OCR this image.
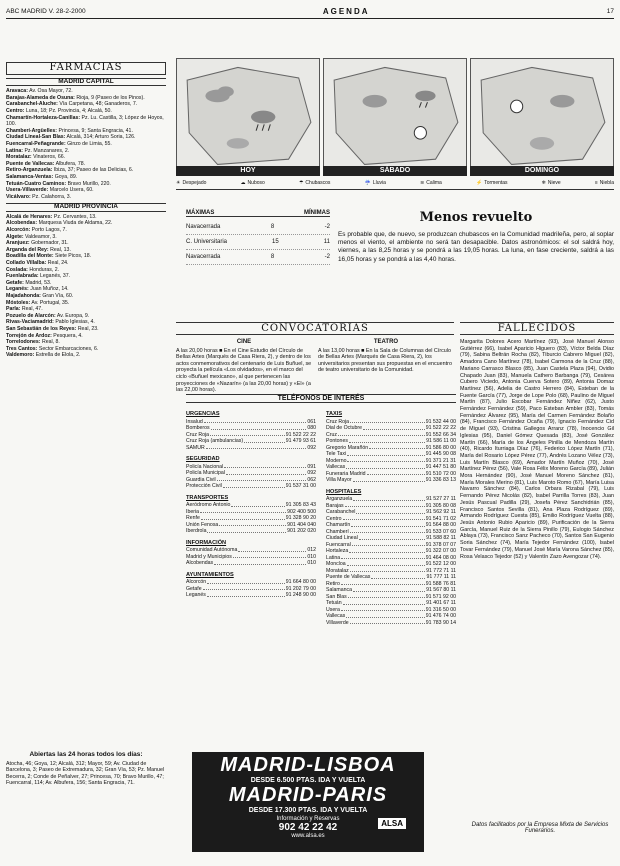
ABC MADRID V. 28-2-2000	AGENDA	17
FARMACIAS
MADRID CAPITAL
Aravaca: Av. Osa Mayor, 72.
Barajas-Alameda de Osuna: Rioja, 9 (Paseo de los Pinos).
Carabanchel-Aluche: Vía Carpetana, 48; Ganaderos, 7.
Centro: Luna, 18; Pz. Provincia, 4; Alcalá, 50.
Chamartín-Hortaleza-Canillas: Pz. Lu. Castilla, 3; López de Hoyos, 100.
Chamberí-Argüelles: Princesa, 9; Santa Engracia, 41.
Ciudad Lineal-San Blas: Alcalá, 314; Arturo Soria, 126.
Fuencarral-Peñagrande: Ginzo de Limia, 55.
Latina: Pz. Manzanares, 2.
Moratalaz: Vinateros, 66.
Puente de Vallecas: Albufera, 78.
Retiro-Arganzuela: Ibiza, 37; Paseo de las Delicias, 6.
Salamanca-Ventas: Goya, 89.
Tetuán-Cuatro Caminos: Bravo Murillo, 220.
Usera-Villaverde: Marcelo Usera, 60.
Vicálvaro: Pz. Calahorra, 3.
MADRID PROVINCIA
Alcalá de Henares: Pz. Cervantes, 13.
Alcobendas: Marquesa Viuda de Aldama, 22.
Alcorcón: Porto Lagos, 7.
Algete: Valdeamor, 3.
Aranjuez: Gobernador, 31.
Arganda del Rey: Real, 13.
Boadilla del Monte: Siete Picos, 18.
Collado Villalba: Real, 24.
Coslada: Honduras, 2.
Fuenlabrada: Leganés, 37.
Getafe: Madrid, 53.
Leganés: Juan Muñoz, 14.
Majadahonda: Gran Vía, 60.
Móstoles: Av. Portugal, 35.
Parla: Real, 47.
Pozuelo de Alarcón: Av. Europa, 9.
Rivas-Vaciamadrid: Pablo Iglesias, 4.
San Sebastián de los Reyes: Real, 23.
Torrejón de Ardoz: Pesquera, 4.
Torrelodones: Real, 8.
Tres Cantos: Sector Embarcaciones, 6.
Valdemoro: Estrella de Elola, 2.
Abiertas las 24 horas todos los días:
Atocha, 46; Goya, 12; Alcalá, 312; Mayor, 59; Av. Ciudad de Barcelona, 3; Paseo de Extremadura, 32; Gran Vía, 53; Pz. Manuel Becerra, 2; Conde de Peñalver, 27; Princesa, 70; Bravo Murillo, 47; Fuencarral, 114; Av. Albufera, 156; Santa Engracia, 71.
HOY	SÁBADO	DOMINGO
☀ Despejado	☁ Nuboso	☂ Chubascos	☔ Lluvia	≋ Calima	⚡ Tormentas	❄ Nieve	≡ Niebla
MÁXIMAS	MÍNIMAS
Navacerrada	8	-2
C. Universitaria	15	11
Navacerrada	8	-2
Menos revuelto

Es probable que, de nuevo, se produzcan chubascos en la Comunidad madrileña, pero, al soplar menos el viento, el ambiente no será tan desapacible. Datos astronómicos: el sol saldrá hoy, viernes, a las 8,25 horas y se pondrá a las 19,05 horas. La luna, en fase creciente, saldrá a las 16,05 horas y se pondrá a las 4,40 horas.

CONVOCATORIAS
CINE
A las 20,00 horas ■ En el Cine Estudio del Círculo de Bellas Artes (Marqués de Casa Riera, 2), y dentro de los actos conmemorativos del centenario de Luis Buñuel, se proyecta la película «Los olvidados», en el marco del ciclo «Buñuel mexicano», al que pertenecen las proyecciones de «Nazarín» (a las 20,00 horas) y «El» (a las 22,00 horas).
TEATRO
A las 13,00 horas ■ En la Sala de Columnas del Círculo de Bellas Artes (Marqués de Casa Riera, 2), los universitarios presentan sus propuestas en el encuentro de teatro universitario de la Comunidad.
TELÉFONOS DE INTERÉS
URGENCIAS
Insalud	061
Bomberos	080
Cruz Roja	91 522 22 22
Cruz Roja (ambulancias)	91 479 93 61
SAMUR	092
SEGURIDAD
Policía Nacional	091
Policía Municipal	092
Guardia Civil	062
Protección Civil	91 537 31 00
TRANSPORTES
Aeródromo Antonio	91 305 83 43
Iberia	902 400 500
Renfe	91 328 90 20
Unión Fenosa	901 404 040
Iberdrola	901 202 020
INFORMACIÓN
Comunidad Autónoma	012
Madrid y Municipios	010
Alcobendas	010
AYUNTAMIENTOS
Alcorcón	91 664 80 00
Getafe	91 202 79 00
Leganés	91 248 90 00
TAXIS
Cruz Roja	91 532 44 00
Dial de Octubre	91 522 22 22
Cruz	91 552 66 34
Pontones	91 586 11 00
Gregorio Marañón	91 586 80 00
Tele Taxi	91 445 90 08
Moderno	91 371 21 31
Vallecas	91 447 51 80
Funeraria Madrid	91 510 72 00
Villa Mayor	91 336 83 13
HOSPITALES
Arganzuela	91 527 27 11
Barajas	91 305 80 08
Carabanchel	91 562 92 11
Centro	91 541 71 02
Chamartín	91 564 88 00
Chamberí	91 533 07 60
Ciudad Lineal	91 588 82 11
Fuencarral	91 378 07 07
Hortaleza	91 322 07 00
Latina	91 464 08 00
Moncloa	91 522 12 00
Moratalaz	91 772 71 11
Puente de Vallecas	91 777 11 11
Retiro	91 588 76 81
Salamanca	91 567 80 11
San Blas	91 571 92 00
Tetuán	91 401 67 11
Usera	91 316 50 00
Vallecas	91 476 74 00
Villaverde	91 783 90 14
FALLECIDOS

Margarita Dolores Acero Martínez (93), José Manuel Alonso Gutiérrez (66), Isabel Aparicio Higuero (83), Víctor Belda Díaz (79), Sabina Beltrán Rocha (82), Tiburcio Cabrero Miguel (82), Amadora Cano Martínez (78), Isabel Carmona de la Cruz (88), Mariano Carrasco Blasco (85), Juan Castela Plaza (94), Ovidio Chapado Juan (83), Manuela Cathero Barbanga (79), Cesárea Cubero Viciedo, Antonia Cuerva Sotero (89), Antonia Domaz Martínez (56), Adelia de Castro Herrero (84), Esteban de la Fuente García (77), Jorge de Lope Polo (68), Paulino de Miguel Martín (87), Julio Escobar Fernández Niñez (62), Justo Fernández Fernández (59), Paco Esteban Ambler (83), Tomás Fernández Álvarez (95), María del Carmen Fernández Bolaño (84), Francisco Fernández Ocaña (79), Ignacio Fernández Cid de Miguel (93), Cristina Gallegos Arranz (78), Inocencio Gil Iglesias (95), Daniel Gómez Quesada (83), José González Martín (66), María de los Ángeles Pinilla de Mendoza Martín (40), Ricardo Iturriaga Díaz (76), Federico López Martín (71), María del Rosario López Pérez (77), Andrés Lozano Vélez (73), Luis Martín Blasco (69), Amador Martín Muñoz (70), José Martínez Pérez (56), Vale Rosa Félix Moreno García (89), Julián Mora Hernández (90), José Manuel Moreno Sánchez (81), María Morales Merino (81), Luis Maroto Romo (67), María Luisa Navarro Sánchez (84), Carlos Orbara Rizabal (79), Luis Fernando Pérez Nicolás (82), Isabel Parrilla Torres (83), Juan Jesús Pascual Padilla (29), Josefa Pérez Sanchidrián (85), Francisco Santos Sevilla (81), Ana Plaza Rodríguez (89), Armando Rodríguez Cuesta (85), Emilio Rodríguez Vuelta (88), Jesús Antonio Rubio Aparicio (89), Purificación de la Sierra García, Manuel Ruiz de la Sierra Pinillo (79), Eulogio Sánchez Ablaya (73), Francisco Sanz Pacheco (70), Santos San Eugenio Soria Sánchez (74), María Tejedor Fernández (100), Isabel Tovar Fernández (79), Manuel José María Varona Sánchez (85), Rosa Velasco Tejedor (52) y Valentín Zazo Avengozar (74).

Datos facilitados por la Empresa Mixta de Servicios Funerarios.
MADRID-LISBOA
DESDE 6.500 PTAS. IDA Y VUELTA
MADRID-PARIS
DESDE 17.300 PTAS. IDA Y VUELTA
Información y Reservas
902 42 22 42
www.alsa.es
ALSA
